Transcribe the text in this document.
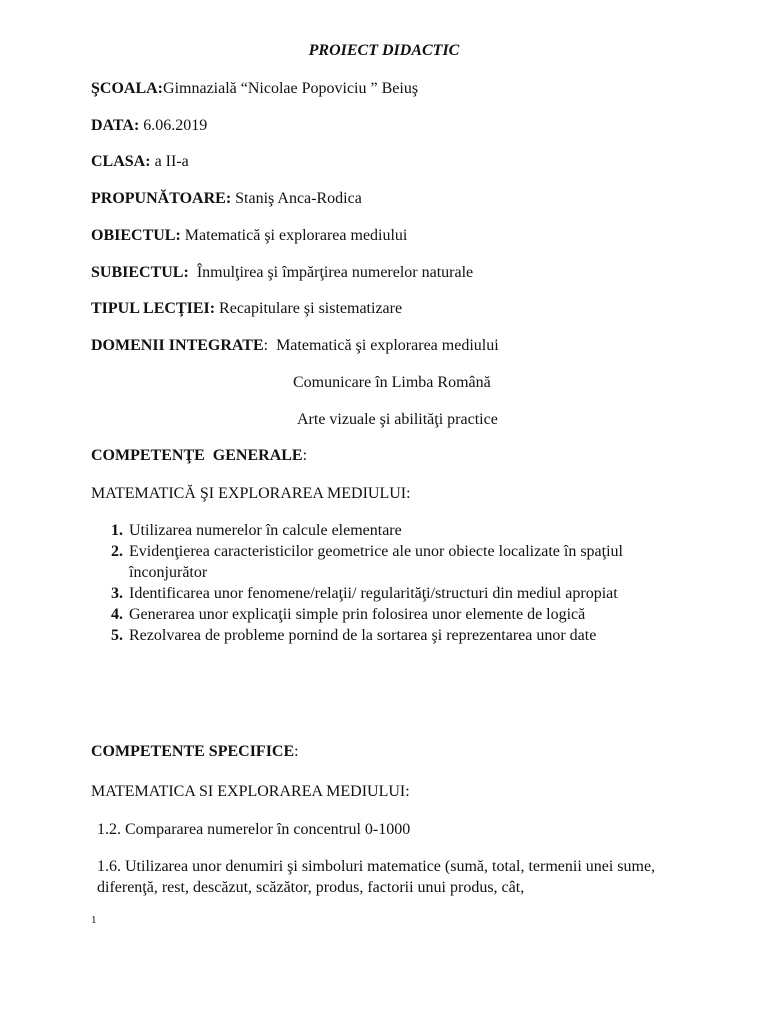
PROIECT DIDACTIC
ŞCOALA:Gimnazială “Nicolae Popoviciu ” Beiuş
DATA: 6.06.2019
CLASA: a II-a
PROPUNĂTOARE: Staniş Anca-Rodica
OBIECTUL: Matematică şi explorarea mediului
SUBIECTUL:  Înmulţirea şi împărţirea numerelor naturale
TIPUL LECŢIEI: Recapitulare şi sistematizare
DOMENII INTEGRATE:  Matematică şi explorarea mediului
Comunicare în Limba Română
Arte vizuale şi abilităţi practice
COMPETENŢE  GENERALE:
MATEMATICĂ ŞI EXPLORAREA MEDIULUI:
1. Utilizarea numerelor în calcule elementare
2. Evidenţierea caracteristicilor geometrice ale unor obiecte localizate în spaţiul înconjurător
3. Identificarea unor fenomene/relaţii/ regularităţi/structuri din mediul apropiat
4. Generarea unor explicaţii simple prin folosirea unor elemente de logică
5. Rezolvarea de probleme pornind de la sortarea şi reprezentarea unor date
COMPETENTE SPECIFICE:
MATEMATICA SI EXPLORAREA MEDIULUI:
1.2. Compararea numerelor în concentrul 0-1000
1.6. Utilizarea unor denumiri şi simboluri matematice (sumă, total, termenii unei sume, diferenţă, rest, descăzut, scăzător, produs, factorii unui produs, cât,
1
